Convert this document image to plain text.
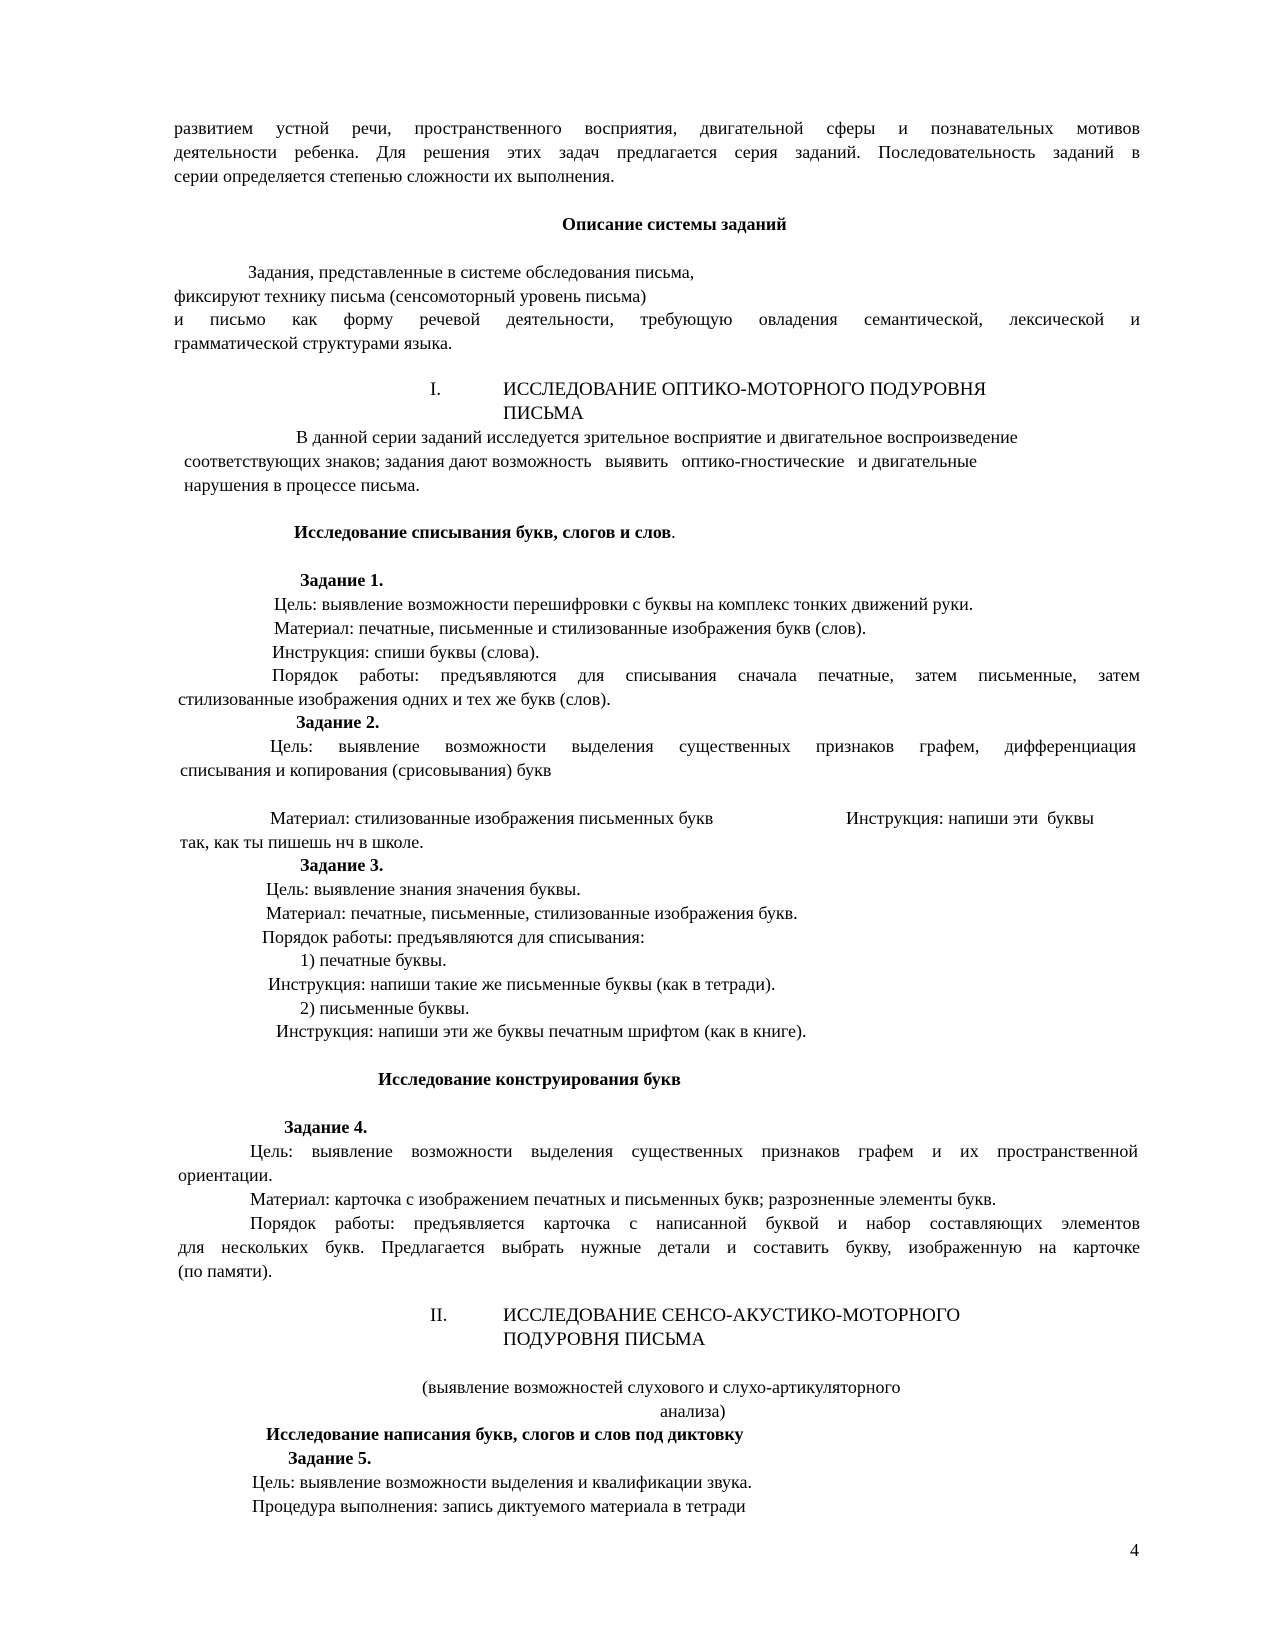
развитием устной речи, пространственного восприятия, двигательной сферы и познавательных мотивов
деятельности ребенка. Для решения этих задач предлагается серия заданий. Последовательность заданий в
серии определяется степенью сложности их выполнения.
Описание системы заданий
Задания, представленные в системе обследования письма,
фиксируют технику письма (сенсомоторный уровень письма)
и письмо как форму речевой деятельности, требующую овладения семантической, лексической и
грамматической структурами языка.
I.	ИССЛЕДОВАНИЕ ОПТИКО-МОТОРНОГО ПОДУРОВНЯ
ПИСЬМА
В данной серии заданий исследуется зрительное восприятие и двигательное воспроизведение
соответствующих знаков; задания дают возможность   выявить   оптико-гностические   и двигательные
нарушения в процессе письма.
Исследование списывания букв, слогов и слов.
Задание 1.
Цель: выявление возможности перешифровки с буквы на комплекс тонких движений руки.
Материал: печатные, письменные и стилизованные изображения букв (слов).
Инструкция: спиши буквы (слова).
Порядок работы: предъявляются для списывания сначала печатные, затем письменные, затем
стилизованные изображения одних и тех же букв (слов).
Задание 2.
Цель: выявление возможности выделения существенных признаков графем, дифференциация
списывания и копирования (срисовывания) букв
Материал: стилизованные изображения письменных букв	Инструкция: напиши эти  буквы
так, как ты пишешь нч в школе.
Задание 3.
Цель: выявление знания значения буквы.
Материал: печатные, письменные, стилизованные изображения букв.
Порядок работы: предъявляются для списывания:
1) печатные буквы.
Инструкция: напиши такие же письменные буквы (как в тетради).
2) письменные буквы.
Инструкция: напиши эти же буквы печатным шрифтом (как в книге).
Исследование конструирования букв
Задание 4.
Цель: выявление возможности выделения существенных признаков графем и их пространственной
ориентации.
Материал: карточка с изображением печатных и письменных букв; разрозненные элементы букв.
Порядок работы: предъявляется карточка с написанной буквой и набор составляющих элементов
для нескольких букв. Предлагается выбрать нужные детали и составить букву, изображенную на карточке
(по памяти).
II.	ИССЛЕДОВАНИЕ СЕНСО-АКУСТИКО-МОТОРНОГО
ПОДУРОВНЯ ПИСЬМА
(выявление возможностей слухового и слухо-артикуляторного
анализа)
Исследование написания букв, слогов и слов под диктовку
Задание 5.
Цель: выявление возможности выделения и квалификации звука.
Процедура выполнения: запись диктуемого материала в тетради
4
